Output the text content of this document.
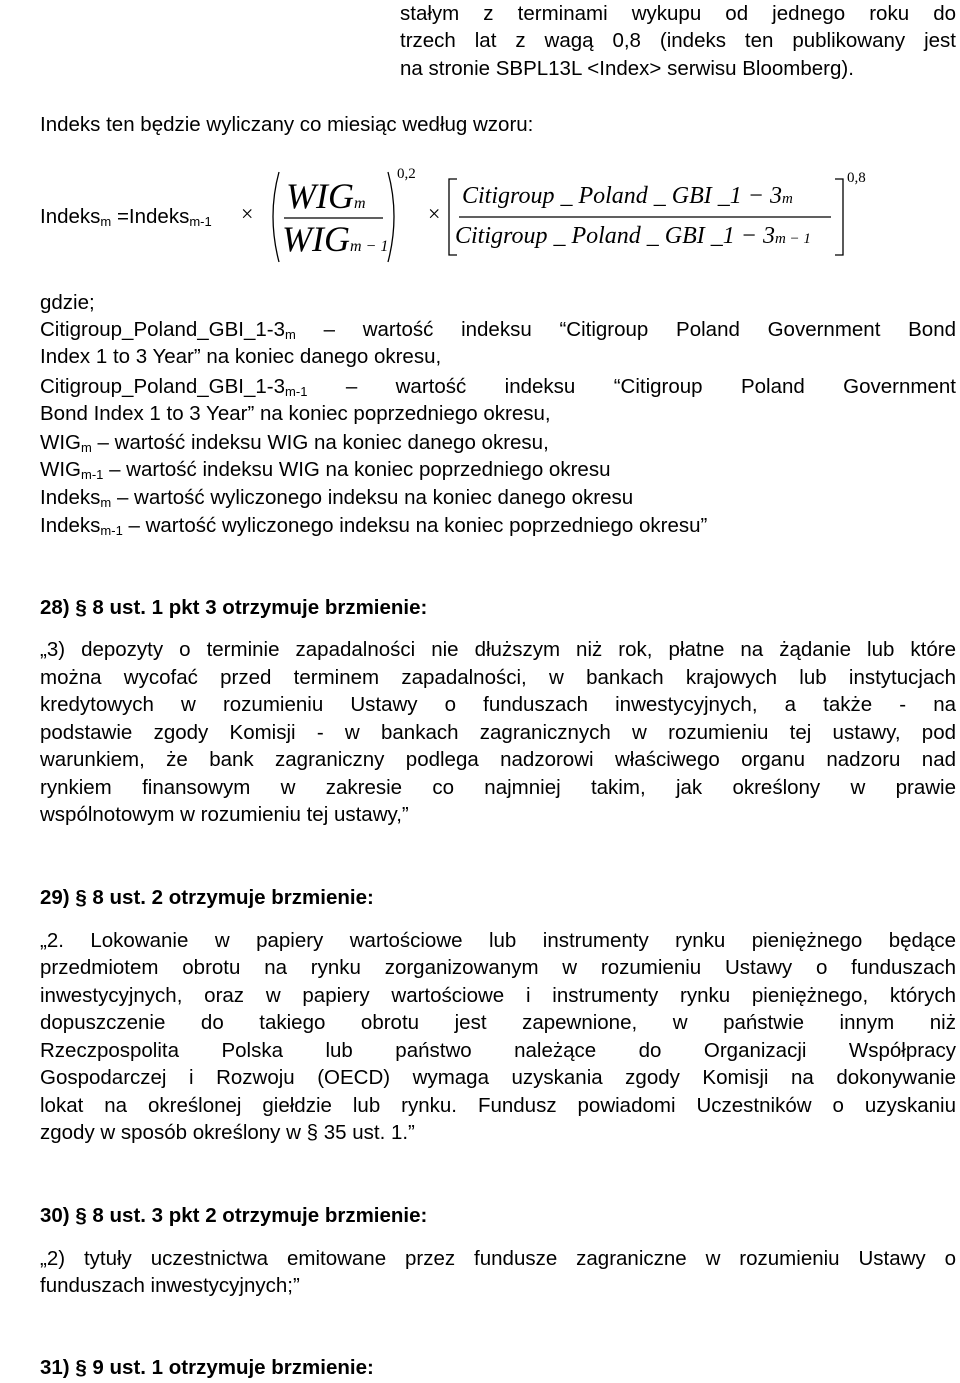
stałym z terminami wykupu od jednego roku do
trzech lat z wagą 0,8 (indeks ten publikowany jest
na stronie SBPL13L <Index> serwisu Bloomberg).
Indeks ten będzie wyliczany co miesiąc według wzoru:
Indeks$_m$ =Indeks$_{m-1}$ × WIGm
WIGm − 1
0,2
×
Citigroup _ Poland _ GBI _1 − 3m
Citigroup _ Poland _ GBI _1 − 3m − 1
0,8
gdzie;
$Citigroup\_Poland\_GBI\_1-3_m$ – wartość indeksu “Citigroup Poland Government Bond
Index 1 to 3 Year” na koniec danego okresu,
$Citigroup\_Poland\_GBI\_1-3_{m-1}$ – wartość indeksu “Citigroup Poland Government
Bond Index 1 to 3 Year” na koniec poprzedniego okresu,
$WIG_m$ – wartość indeksu WIG na koniec danego okresu,
$WIG_{m-1}$ – wartość indeksu WIG na koniec poprzedniego okresu
Indeks$_m$ – wartość wyliczonego indeksu na koniec danego okresu
Indeks$_{m-1}$ – wartość wyliczonego indeksu na koniec poprzedniego okresu”
28) § 8 ust. 1 pkt 3 otrzymuje brzmienie:
„3) depozyty o terminie zapadalności nie dłuższym niż rok, płatne na żądanie lub które
można wycofać przed terminem zapadalności, w bankach krajowych lub instytucjach
kredytowych w rozumieniu Ustawy o funduszach inwestycyjnych, a także - na
podstawie zgody Komisji - w bankach zagranicznych w rozumieniu tej ustawy, pod
warunkiem, że bank zagraniczny podlega nadzorowi właściwego organu nadzoru nad
rynkiem finansowym w zakresie co najmniej takim, jak określony w prawie
wspólnotowym w rozumieniu tej ustawy,”
29) § 8 ust. 2 otrzymuje brzmienie:
„2. Lokowanie w papiery wartościowe lub instrumenty rynku pieniężnego będące
przedmiotem obrotu na rynku zorganizowanym w rozumieniu Ustawy o funduszach
inwestycyjnych, oraz w papiery wartościowe i instrumenty rynku pieniężnego, których
dopuszczenie do takiego obrotu jest zapewnione, w państwie innym niż
Rzeczpospolita Polska lub państwo należące do Organizacji Współpracy
Gospodarczej i Rozwoju (OECD) wymaga uzyskania zgody Komisji na dokonywanie
lokat na określonej giełdzie lub rynku. Fundusz powiadomi Uczestników o uzyskaniu
zgody w sposób określony w § 35 ust. 1.”
30) § 8 ust. 3 pkt 2 otrzymuje brzmienie:
„2) tytuły uczestnictwa emitowane przez fundusze zagraniczne w rozumieniu Ustawy o
funduszach inwestycyjnych;”
31) § 9 ust. 1 otrzymuje brzmienie:
